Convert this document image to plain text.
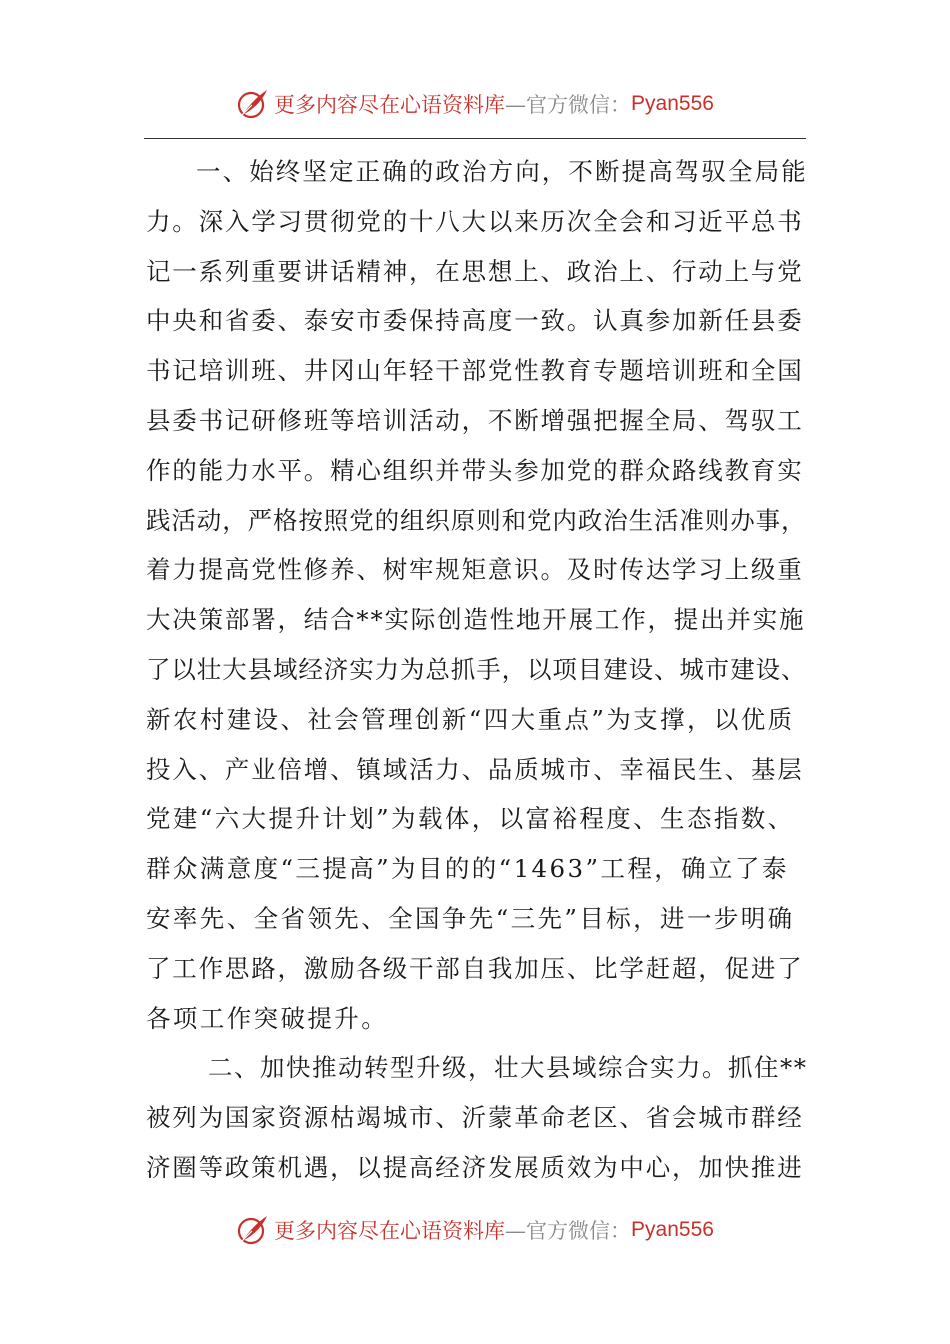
更多内容尽在心语资料库 —官方微信： Pyan556
一、始终坚定正确的政治方向，不断提高驾驭全局能
力。深入学习贯彻党的十八大以来历次全会和习近平总书
记一系列重要讲话精神，在思想上、政治上、行动上与党
中央和省委、泰安市委保持高度一致。认真参加新任县委
书记培训班、井冈山年轻干部党性教育专题培训班和全国
县委书记研修班等培训活动，不断增强把握全局、驾驭工
作的能力水平。精心组织并带头参加党的群众路线教育实
践活动，严格按照党的组织原则和党内政治生活准则办事，
着力提高党性修养、树牢规矩意识。及时传达学习上级重
大决策部署，结合**实际创造性地开展工作，提出并实施
了以壮大县域经济实力为总抓手，以项目建设、城市建设、
新农村建设、社会管理创新“四大重点”为支撑，以优质
投入、产业倍增、镇域活力、品质城市、幸福民生、基层
党建“六大提升计划”为载体，以富裕程度、生态指数、
群众满意度“三提高”为目的的“1463”工程，确立了泰
安率先、全省领先、全国争先“三先”目标，进一步明确
了工作思路，激励各级干部自我加压、比学赶超，促进了
各项工作突破提升。
二、加快推动转型升级，壮大县域综合实力。抓住**
被列为国家资源枯竭城市、沂蒙革命老区、省会城市群经
济圈等政策机遇，以提高经济发展质效为中心，加快推进
更多内容尽在心语资料库 —官方微信： Pyan556
